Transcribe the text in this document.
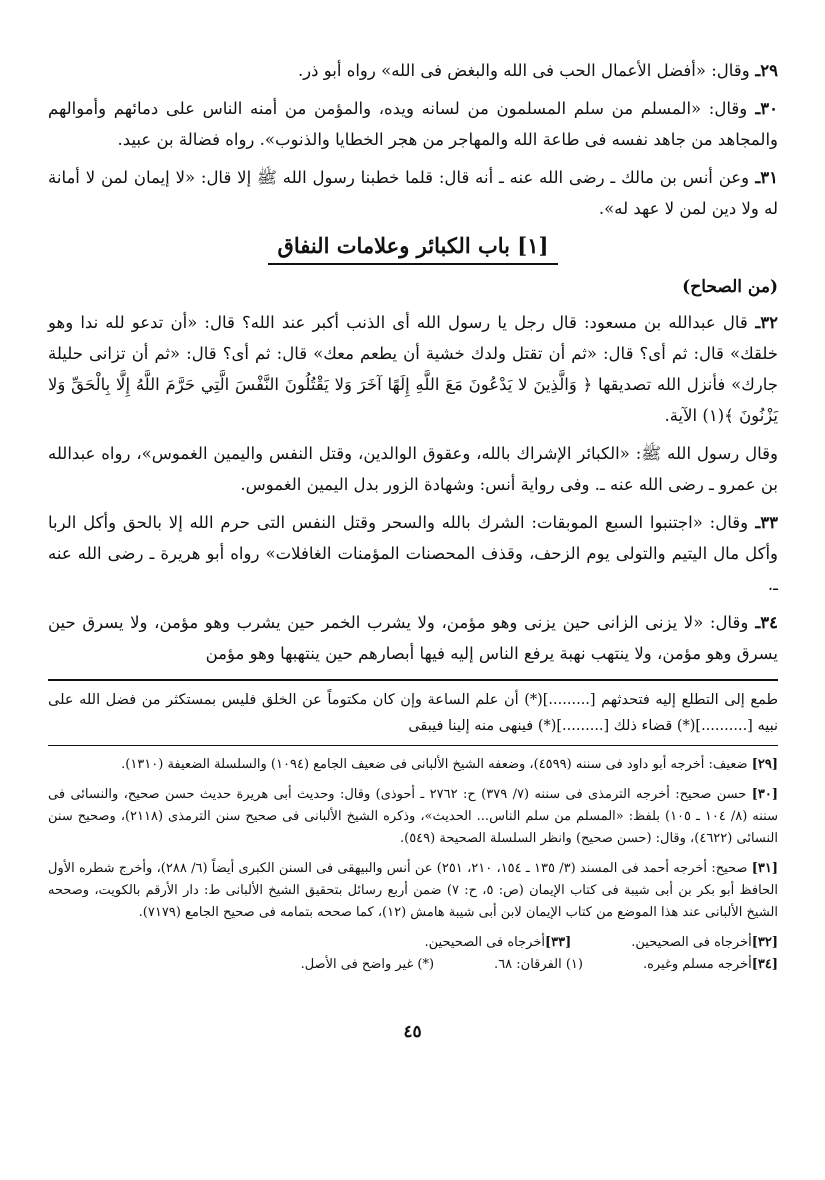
٢٩ـ وقال: «أفضل الأعمال الحب فى الله والبغض فى الله» رواه أبو ذر.

٣٠ـ وقال: «المسلم من سلم المسلمون من لسانه ويده، والمؤمن من أمنه الناس على دمائهم وأموالهم والمجاهد من جاهد نفسه فى طاعة الله والمهاجر من هجر الخطايا والذنوب». رواه فضالة بن عبيد.

٣١ـ وعن أنس بن مالك ـ رضى الله عنه ـ أنه قال: قلما خطبنا رسول الله ﷺ إلا قال: «لا إيمان لمن لا أمانة له ولا دين لمن لا عهد له».

[١] باب الكبائر وعلامات النفاق
(من الصحاح)

٣٢ـ قال عبدالله بن مسعود: قال رجل يا رسول الله أى الذنب أكبر عند الله؟ قال: «أن تدعو لله ندا وهو خلقك» قال: ثم أى؟ قال: «ثم أن تقتل ولدك خشية أن يطعم معك» قال: ثم أى؟ قال: «ثم أن تزانى حليلة جارك» فأنزل الله تصديقها ﴿ وَالَّذِينَ لا يَدْعُونَ مَعَ اللَّهِ إِلَهًا آخَرَ وَلا يَقْتُلُونَ النَّفْسَ الَّتِي حَرَّمَ اللَّهُ إِلَّا بِالْحَقِّ وَلا يَزْنُونَ ﴾(١) الآية.

وقال رسول الله ﷺ: «الكبائر الإشراك بالله، وعقوق الوالدين، وقتل النفس واليمين الغموس»، رواه عبدالله بن عمرو ـ رضى الله عنه ـ. وفى رواية أنس: وشهادة الزور بدل اليمين الغموس.

٣٣ـ وقال: «اجتنبوا السبع الموبقات: الشرك بالله والسحر وقتل النفس التى حرم الله إلا بالحق وأكل الربا وأكل مال اليتيم والتولى يوم الزحف، وقذف المحصنات المؤمنات الغافلات» رواه أبو هريرة ـ رضى الله عنه ـ.

٣٤ـ وقال: «لا يزنى الزانى حين يزنى وهو مؤمن، ولا يشرب الخمر حين يشرب وهو مؤمن، ولا يسرق حين يسرق وهو مؤمن، ولا ينتهب نهبة يرفع الناس إليه فيها أبصارهم حين ينتهبها وهو مؤمن

طمع إلى التطلع إليه فتحدثهم [.........](*) أن علم الساعة وإن كان مكتوماً عن الخلق فليس بمستكثر من فضل الله على نبيه [..........](*) قضاء ذلك [.........](*) فينهى منه إلينا فيبقى

[٢٩] ضعيف: أخرجه أبو داود فى سننه (٤٥٩٩)، وضعفه الشيخ الألبانى فى ضعيف الجامع (١٠٩٤) والسلسلة الضعيفة (١٣١٠).

[٣٠] حسن صحيح: أخرجه الترمذى فى سننه (٧/ ٣٧٩) ح: ٢٧٦٢ ـ أحوذى) وقال: وحديث أبى هريرة حديث حسن صحيح، والنسائى فى سننه (٨/ ١٠٤ ـ ١٠٥) بلفظ: «المسلم من سلم الناس... الحديث»، وذكره الشيخ الألبانى فى صحيح سنن الترمذى (٢١١٨)، وصحيح سنن النسائى (٤٦٢٢)، وقال: (حسن صحيح) وانظر السلسلة الصحيحة (٥٤٩).

[٣١] صحيح: أخرجه أحمد فى المسند (٣/ ١٣٥ ـ ١٥٤، ٢١٠، ٢٥١) عن أنس والبيهقى فى السنن الكبرى أيضاً (٦/ ٢٨٨)، وأخرج شطره الأول الحافظ أبو بكر بن أبى شيبة فى كتاب الإيمان (ص: ٥، ح: ٧) ضمن أربع رسائل بتحقيق الشيخ الألبانى ط: دار الأرقم بالكويت، وصححه الشيخ الألبانى عند هذا الموضع من كتاب الإيمان لابن أبى شيبة هامش (١٢)، كما صححه بتمامه فى صحيح الجامع (٧١٧٩).

[٣٢]أخرجاه فى الصحيحين.
[٣٣]أخرجاه فى الصحيحين.
[٣٤]أخرجه مسلم وغيره.
(١) الفرقان: ٦٨.
(*) غير واضح فى الأصل.
٤٥
